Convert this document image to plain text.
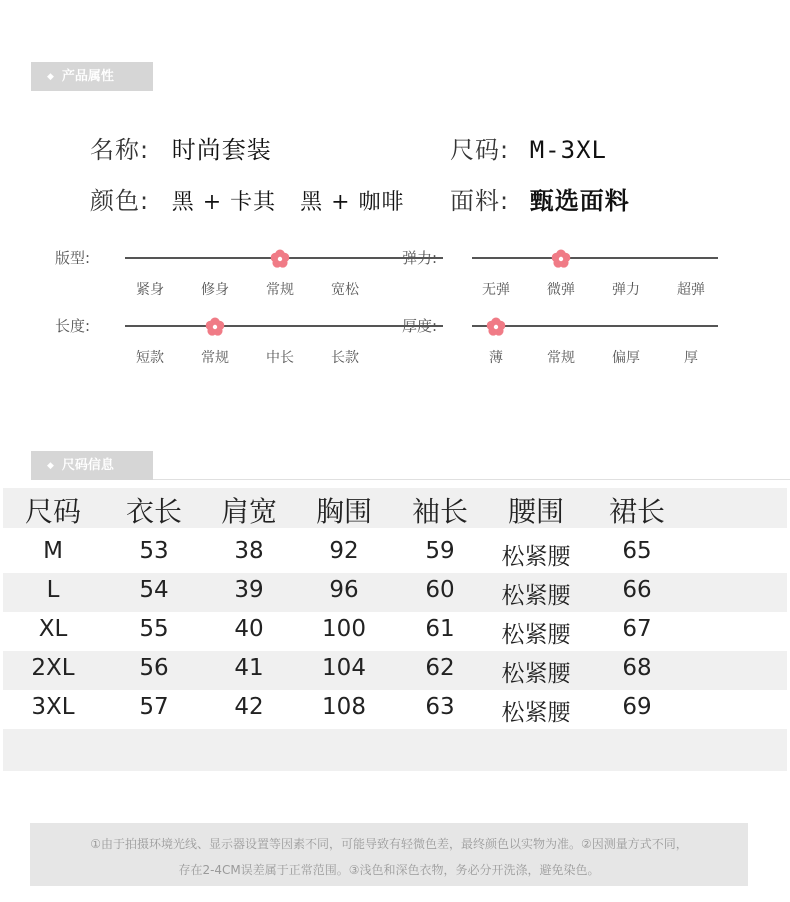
◆ 产品属性
名称: 时尚套装	尺码: M-3XL
颜色: 黑 + 卡其   黑 + 咖啡 面料: 甄选面料
版型:
紧身	修身	常规	宽松
弹力:
无弹	微弹	弹力	超弹
长度:
短款	常规	中长	长款
厚度:
薄	常规	偏厚	厚
◆ 尺码信息
尺码 衣长 肩宽 胸围 袖长 腰围 裙长
M	53	38	92	59 松紧腰 65
L	54	39	96	60 松紧腰 66
XL	55	40	100	61 松紧腰 67
2XL	56	41	104	62 松紧腰 68
3XL	57	42	108	63 松紧腰 69
①由于拍摄环境光线、显示器设置等因素不同，可能导致有轻微色差，最终颜色以实物为准。②因测量方式不同，
存在2-4CM误差属于正常范围。③浅色和深色衣物，务必分开洗涤，避免染色。
